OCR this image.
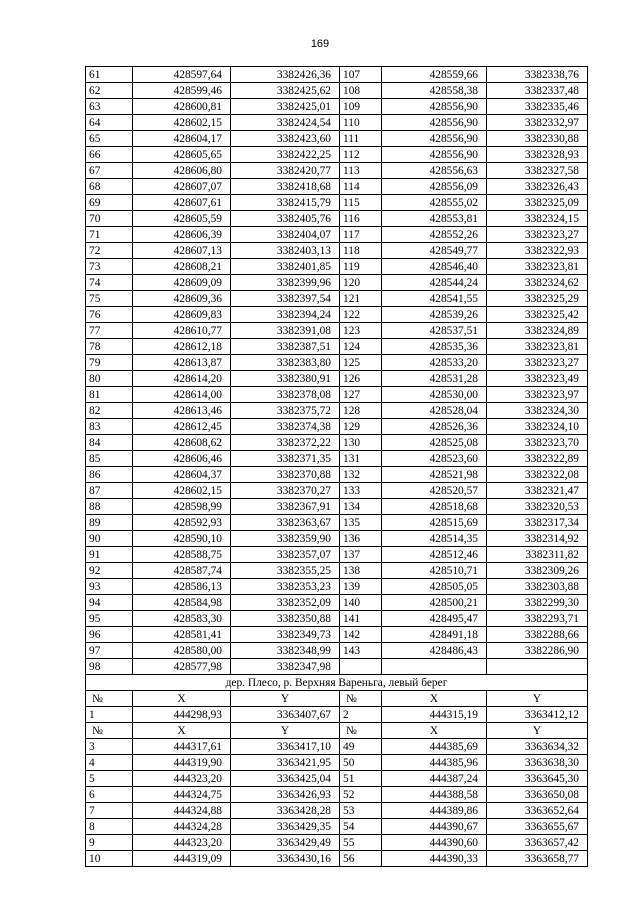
169
61	428597,64	3382426,36	107	428559,66	3382338,76
62	428599,46	3382425,62	108	428558,38	3382337,48
63	428600,81	3382425,01	109	428556,90	3382335,46
64	428602,15	3382424,54	110	428556,90	3382332,97
65	428604,17	3382423,60	111	428556,90	3382330,88
66	428605,65	3382422,25	112	428556,90	3382328,93
67	428606,80	3382420,77	113	428556,63	3382327,58
68	428607,07	3382418,68	114	428556,09	3382326,43
69	428607,61	3382415,79	115	428555,02	3382325,09
70	428605,59	3382405,76	116	428553,81	3382324,15
71	428606,39	3382404,07	117	428552,26	3382323,27
72	428607,13	3382403,13	118	428549,77	3382322,93
73	428608,21	3382401,85	119	428546,40	3382323,81
74	428609,09	3382399,96	120	428544,24	3382324,62
75	428609,36	3382397,54	121	428541,55	3382325,29
76	428609,83	3382394,24	122	428539,26	3382325,42
77	428610,77	3382391,08	123	428537,51	3382324,89
78	428612,18	3382387,51	124	428535,36	3382323,81
79	428613,87	3382383,80	125	428533,20	3382323,27
80	428614,20	3382380,91	126	428531,28	3382323,49
81	428614,00	3382378,08	127	428530,00	3382323,97
82	428613,46	3382375,72	128	428528,04	3382324,30
83	428612,45	3382374,38	129	428526,36	3382324,10
84	428608,62	3382372,22	130	428525,08	3382323,70
85	428606,46	3382371,35	131	428523,60	3382322,89
86	428604,37	3382370,88	132	428521,98	3382322,08
87	428602,15	3382370,27	133	428520,57	3382321,47
88	428598,99	3382367,91	134	428518,68	3382320,53
89	428592,93	3382363,67	135	428515,69	3382317,34
90	428590,10	3382359,90	136	428514,35	3382314,92
91	428588,75	3382357,07	137	428512,46	3382311,82
92	428587,74	3382355,25	138	428510,71	3382309,26
93	428586,13	3382353,23	139	428505,05	3382303,88
94	428584,98	3382352,09	140	428500,21	3382299,30
95	428583,30	3382350,88	141	428495,47	3382293,71
96	428581,41	3382349,73	142	428491,18	3382288,66
97	428580,00	3382348,99	143	428486,43	3382286,90
98	428577,98	3382347,98			
дер. Плесо, р. Верхняя Вареньга, левый берег					
№	X	Y	№	X	Y
1	444298,93	3363407,67	2	444315,19	3363412,12
№	X	Y	№	X	Y
3	444317,61	3363417,10	49	444385,69	3363634,32
4	444319,90	3363421,95	50	444385,96	3363638,30
5	444323,20	3363425,04	51	444387,24	3363645,30
6	444324,75	3363426,93	52	444388,58	3363650,08
7	444324,88	3363428,28	53	444389,86	3363652,64
8	444324,28	3363429,35	54	444390,67	3363655,67
9	444323,20	3363429,49	55	444390,60	3363657,42
10	444319,09	3363430,16	56	444390,33	3363658,77
